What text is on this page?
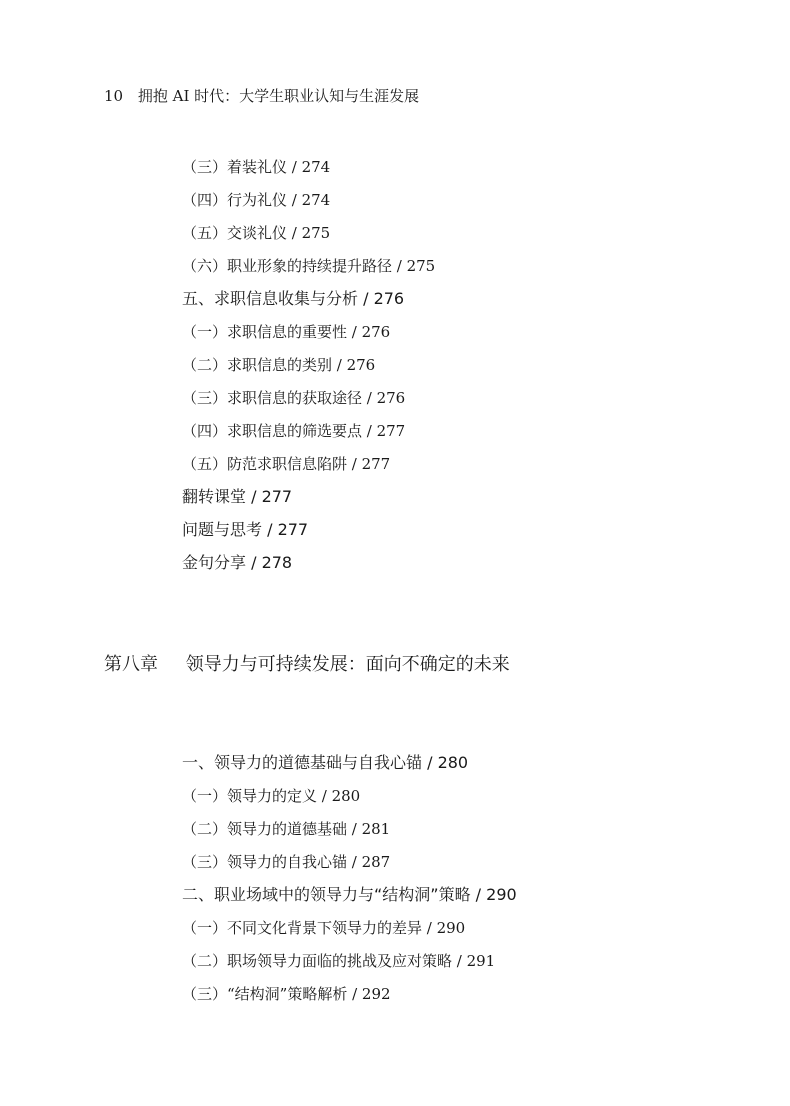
10 拥抱 AI 时代：大学生职业认知与生涯发展
（三）着装礼仪 / 274
（四）行为礼仪 / 274
（五）交谈礼仪 / 275
（六）职业形象的持续提升路径 / 275
五、求职信息收集与分析 / 276
（一）求职信息的重要性 / 276
（二）求职信息的类别 / 276
（三）求职信息的获取途径 / 276
（四）求职信息的筛选要点 / 277
（五）防范求职信息陷阱 / 277
翻转课堂 / 277
问题与思考 / 277
金句分享 / 278
第八章 领导力与可持续发展：面向不确定的未来
一、领导力的道德基础与自我心锚 / 280
（一）领导力的定义 / 280
（二）领导力的道德基础 / 281
（三）领导力的自我心锚 / 287
二、职业场域中的领导力与“结构洞”策略 / 290
（一）不同文化背景下领导力的差异 / 290
（二）职场领导力面临的挑战及应对策略 / 291
（三）“结构洞”策略解析 / 292
